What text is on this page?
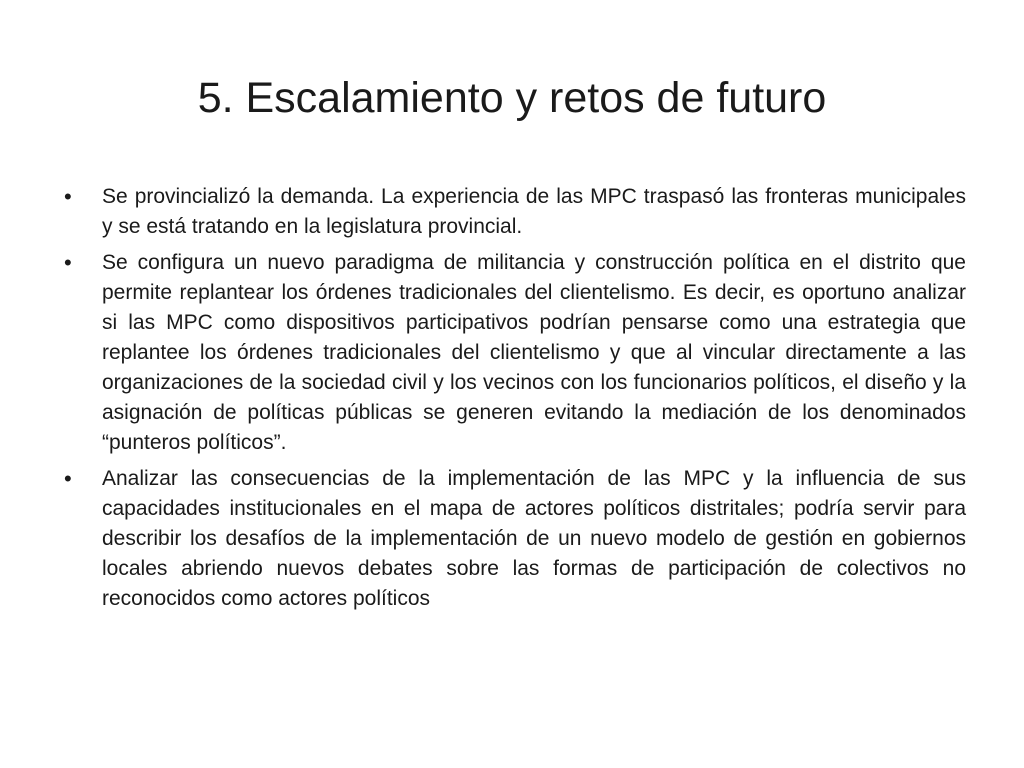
5. Escalamiento y retos de futuro
• Se provincializó la demanda. La experiencia de las MPC traspasó las fronteras municipales y se está tratando en la legislatura provincial.
• Se configura un nuevo paradigma de militancia y construcción política en el distrito que permite replantear los órdenes tradicionales del clientelismo. Es decir, es oportuno analizar si las MPC como dispositivos participativos podrían pensarse como una estrategia que replantee los órdenes tradicionales del clientelismo y que al vincular directamente a las organizaciones de la sociedad civil y los vecinos con los funcionarios políticos, el diseño y la asignación de políticas públicas se generen evitando la mediación de los denominados “punteros políticos”.
• Analizar las consecuencias de la implementación de las MPC y la influencia de sus capacidades institucionales en el mapa de actores políticos distritales; podría servir para describir los desafíos de la implementación de un nuevo modelo de gestión en gobiernos locales abriendo nuevos debates sobre las formas de participación de colectivos no reconocidos como actores políticos
